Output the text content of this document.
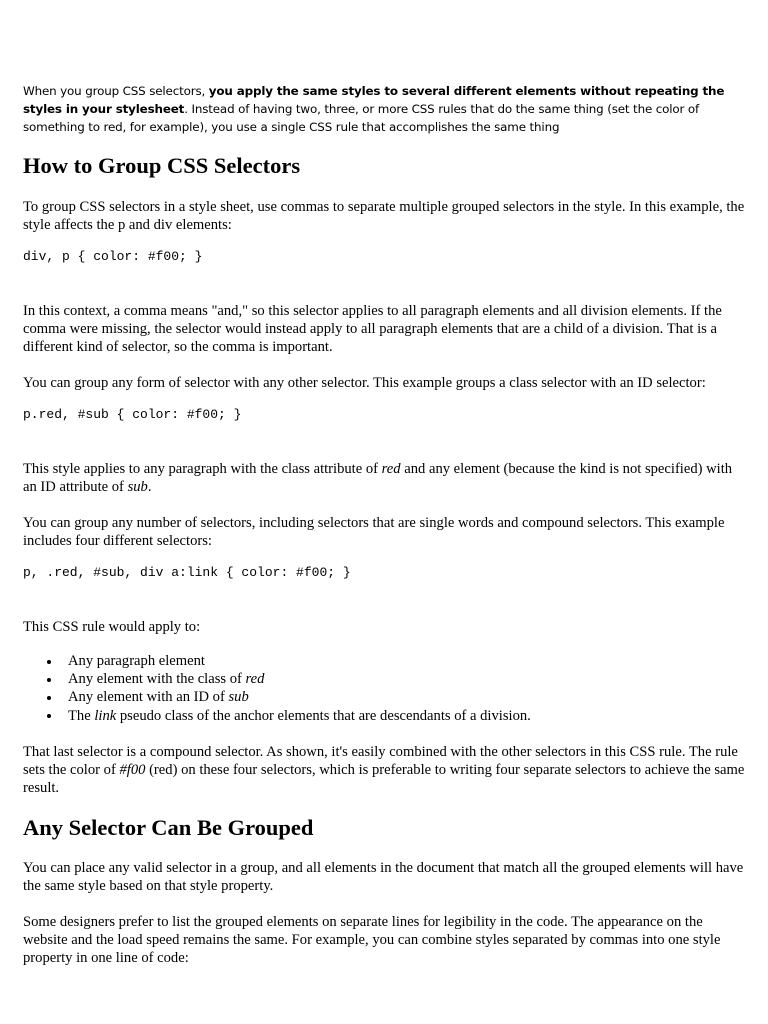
When you group CSS selectors, you apply the same styles to several different elements without repeating the styles in your stylesheet. Instead of having two, three, or more CSS rules that do the same thing (set the color of something to red, for example), you use a single CSS rule that accomplishes the same thing
How to Group CSS Selectors
To group CSS selectors in a style sheet, use commas to separate multiple grouped selectors in the style. In this example, the style affects the p and div elements:
div, p { color: #f00; }
In this context, a comma means "and," so this selector applies to all paragraph elements and all division elements. If the comma were missing, the selector would instead apply to all paragraph elements that are a child of a division. That is a different kind of selector, so the comma is important.
You can group any form of selector with any other selector. This example groups a class selector with an ID selector:
p.red, #sub { color: #f00; }
This style applies to any paragraph with the class attribute of red and any element (because the kind is not specified) with an ID attribute of sub.
You can group any number of selectors, including selectors that are single words and compound selectors. This example includes four different selectors:
p, .red, #sub, div a:link { color: #f00; }
This CSS rule would apply to:
Any paragraph element
Any element with the class of red
Any element with an ID of sub
The link pseudo class of the anchor elements that are descendants of a division.
That last selector is a compound selector. As shown, it's easily combined with the other selectors in this CSS rule. The rule sets the color of #f00 (red) on these four selectors, which is preferable to writing four separate selectors to achieve the same result.
Any Selector Can Be Grouped
You can place any valid selector in a group, and all elements in the document that match all the grouped elements will have the same style based on that style property.
Some designers prefer to list the grouped elements on separate lines for legibility in the code. The appearance on the website and the load speed remains the same. For example, you can combine styles separated by commas into one style property in one line of code:
